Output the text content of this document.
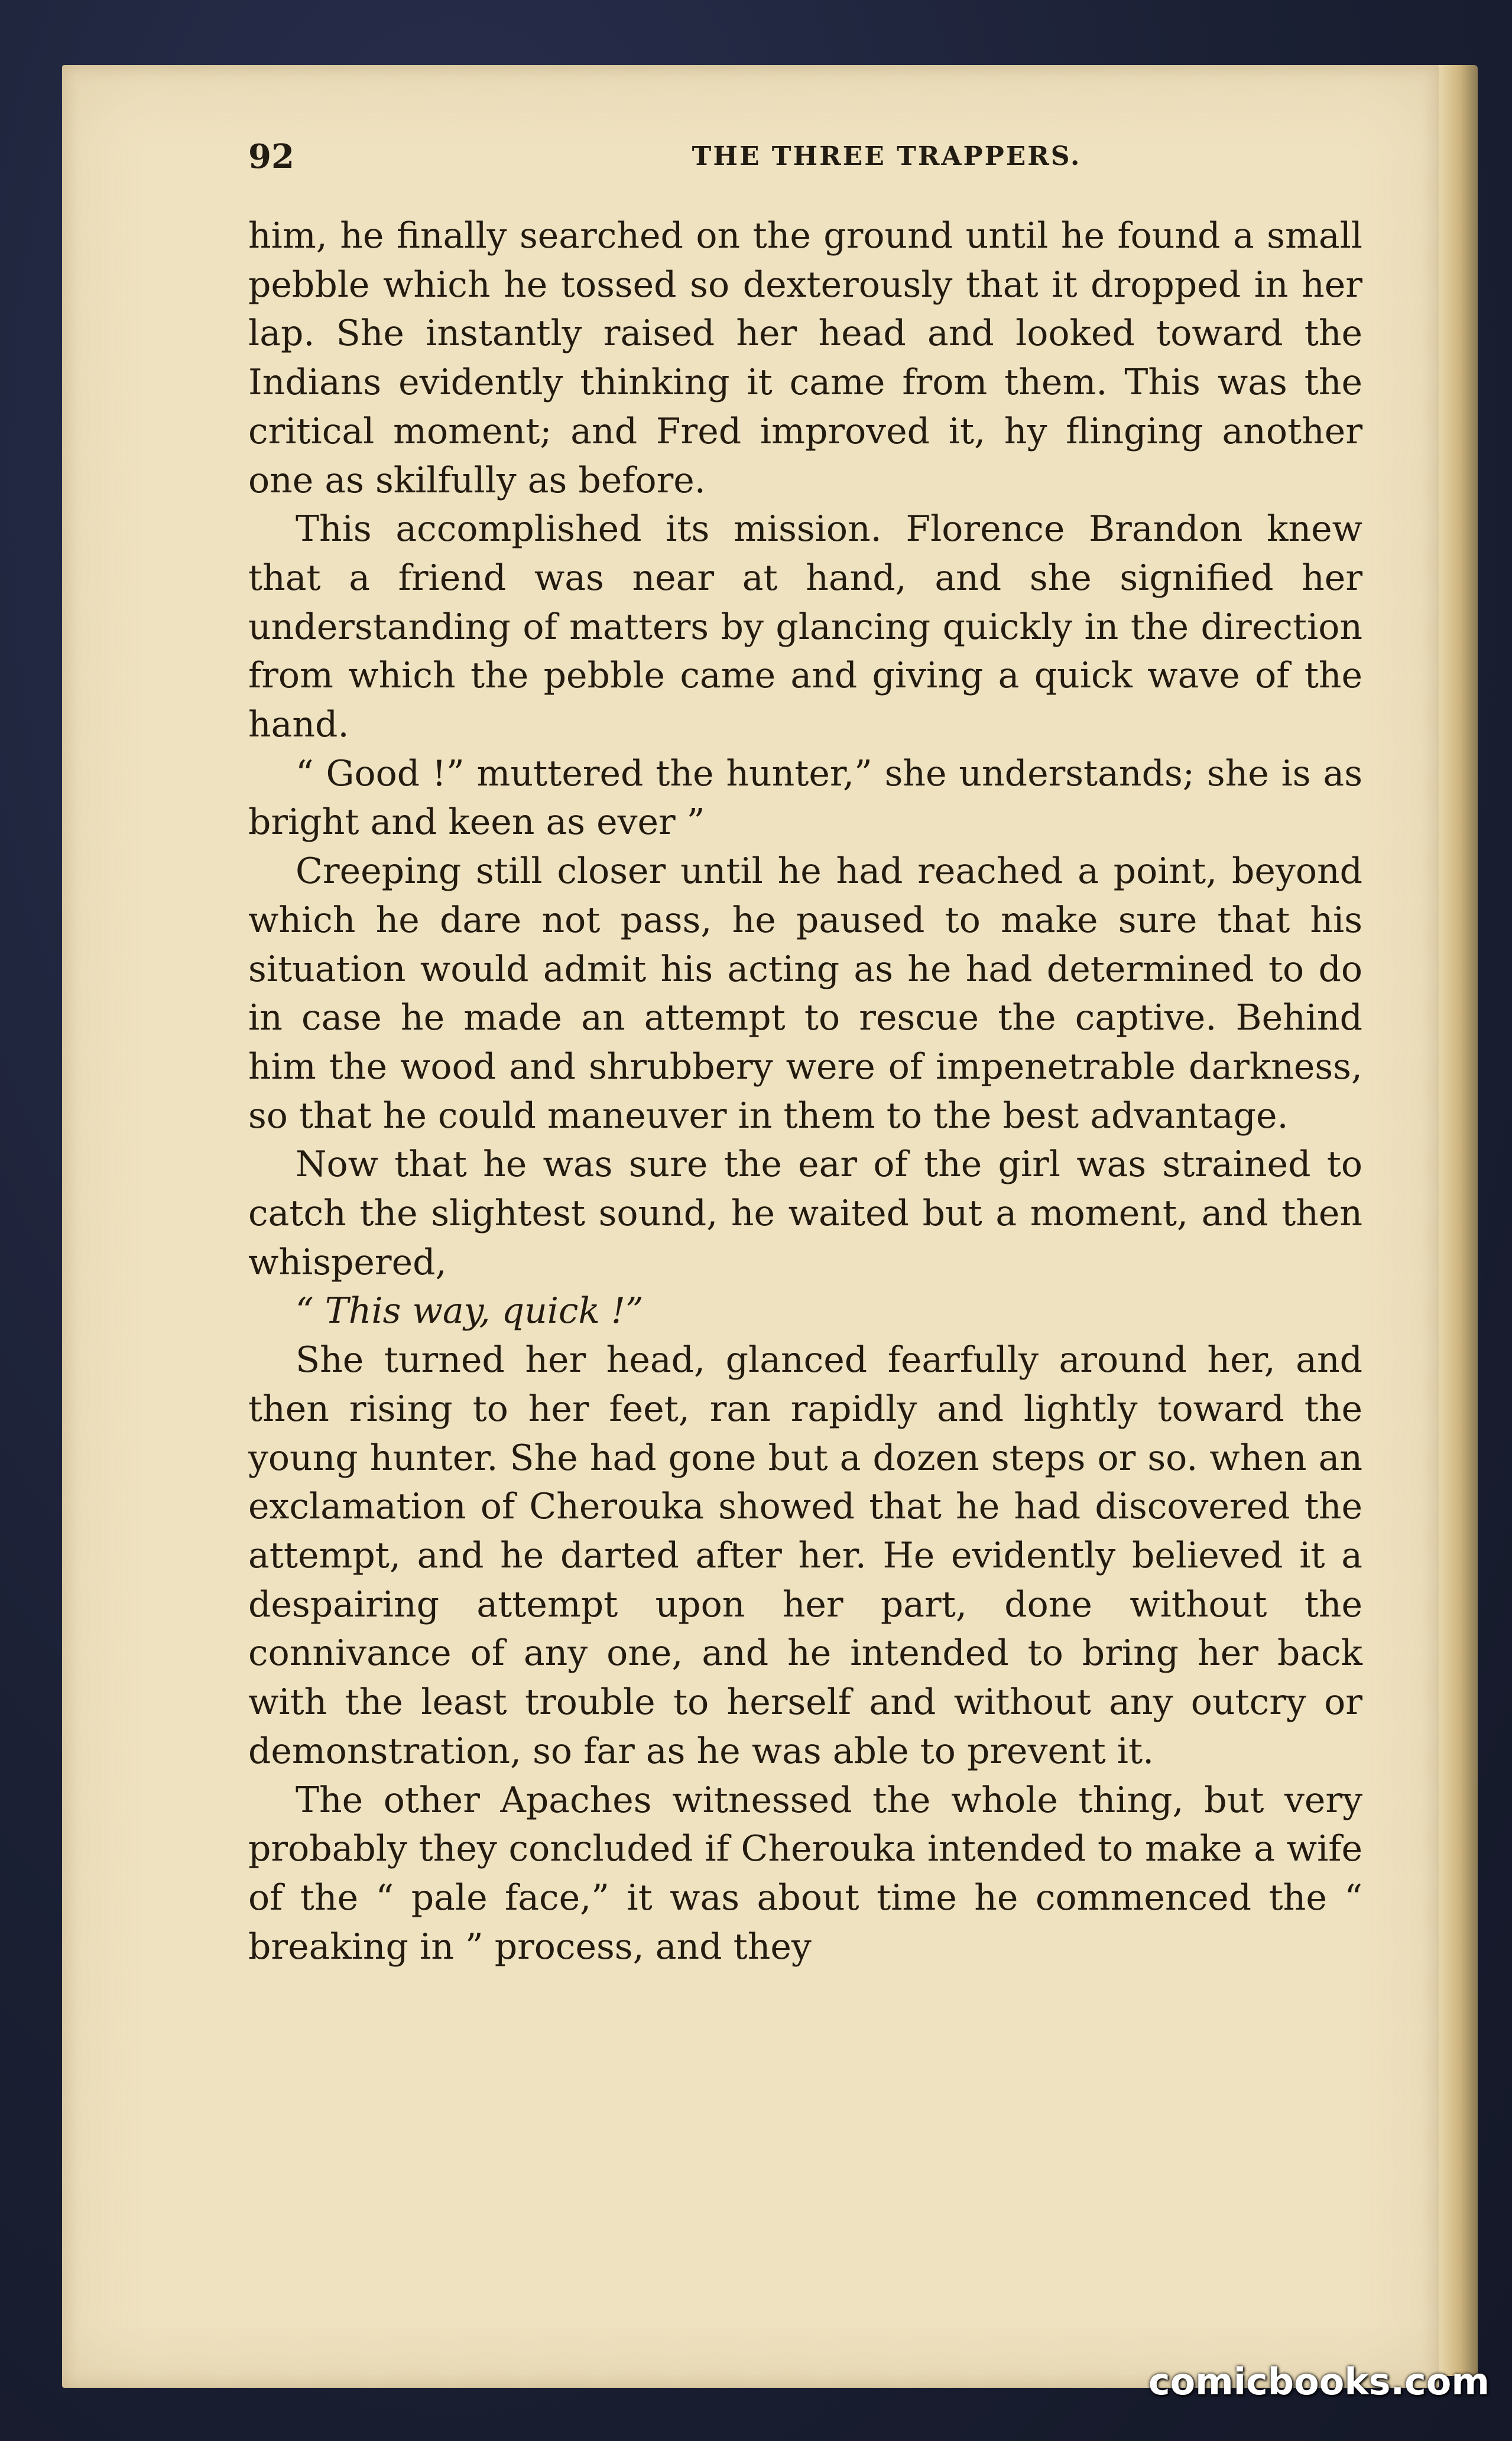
92	THE THREE TRAPPERS.

him, he finally searched on the ground until he found a small pebble which he tossed so dexterously that it dropped in her lap. She instantly raised her head and looked toward the Indians evidently thinking it came from them. This was the critical moment; and Fred improved it, hy flinging another one as skilfully as before.

This accomplished its mission. Florence Brandon knew that a friend was near at hand, and she signified her understanding of matters by glancing quickly in the direction from which the pebble came and giving a quick wave of the hand.

“ Good !” muttered the hunter,” she understands; she is as bright and keen as ever ”

Creeping still closer until he had reached a point, beyond which he dare not pass, he paused to make sure that his situation would admit his acting as he had determined to do in case he made an attempt to rescue the captive. Behind him the wood and shrubbery were of impenetrable darkness, so that he could maneuver in them to the best advantage.

Now that he was sure the ear of the girl was strained to catch the slightest sound, he waited but a moment, and then whispered,

“ This way, quick !”

She turned her head, glanced fearfully around her, and then rising to her feet, ran rapidly and lightly toward the young hunter. She had gone but a dozen steps or so. when an exclamation of Cherouka showed that he had discovered the attempt, and he darted after her. He evidently believed it a despairing attempt upon her part, done without the connivance of any one, and he intended to bring her back with the least trouble to herself and without any outcry or demonstration, so far as he was able to prevent it.

The other Apaches witnessed the whole thing, but very probably they concluded if Cherouka intended to make a wife of the “ pale face,” it was about time he commenced the “ breaking in ” process, and they

comicbooks.com
